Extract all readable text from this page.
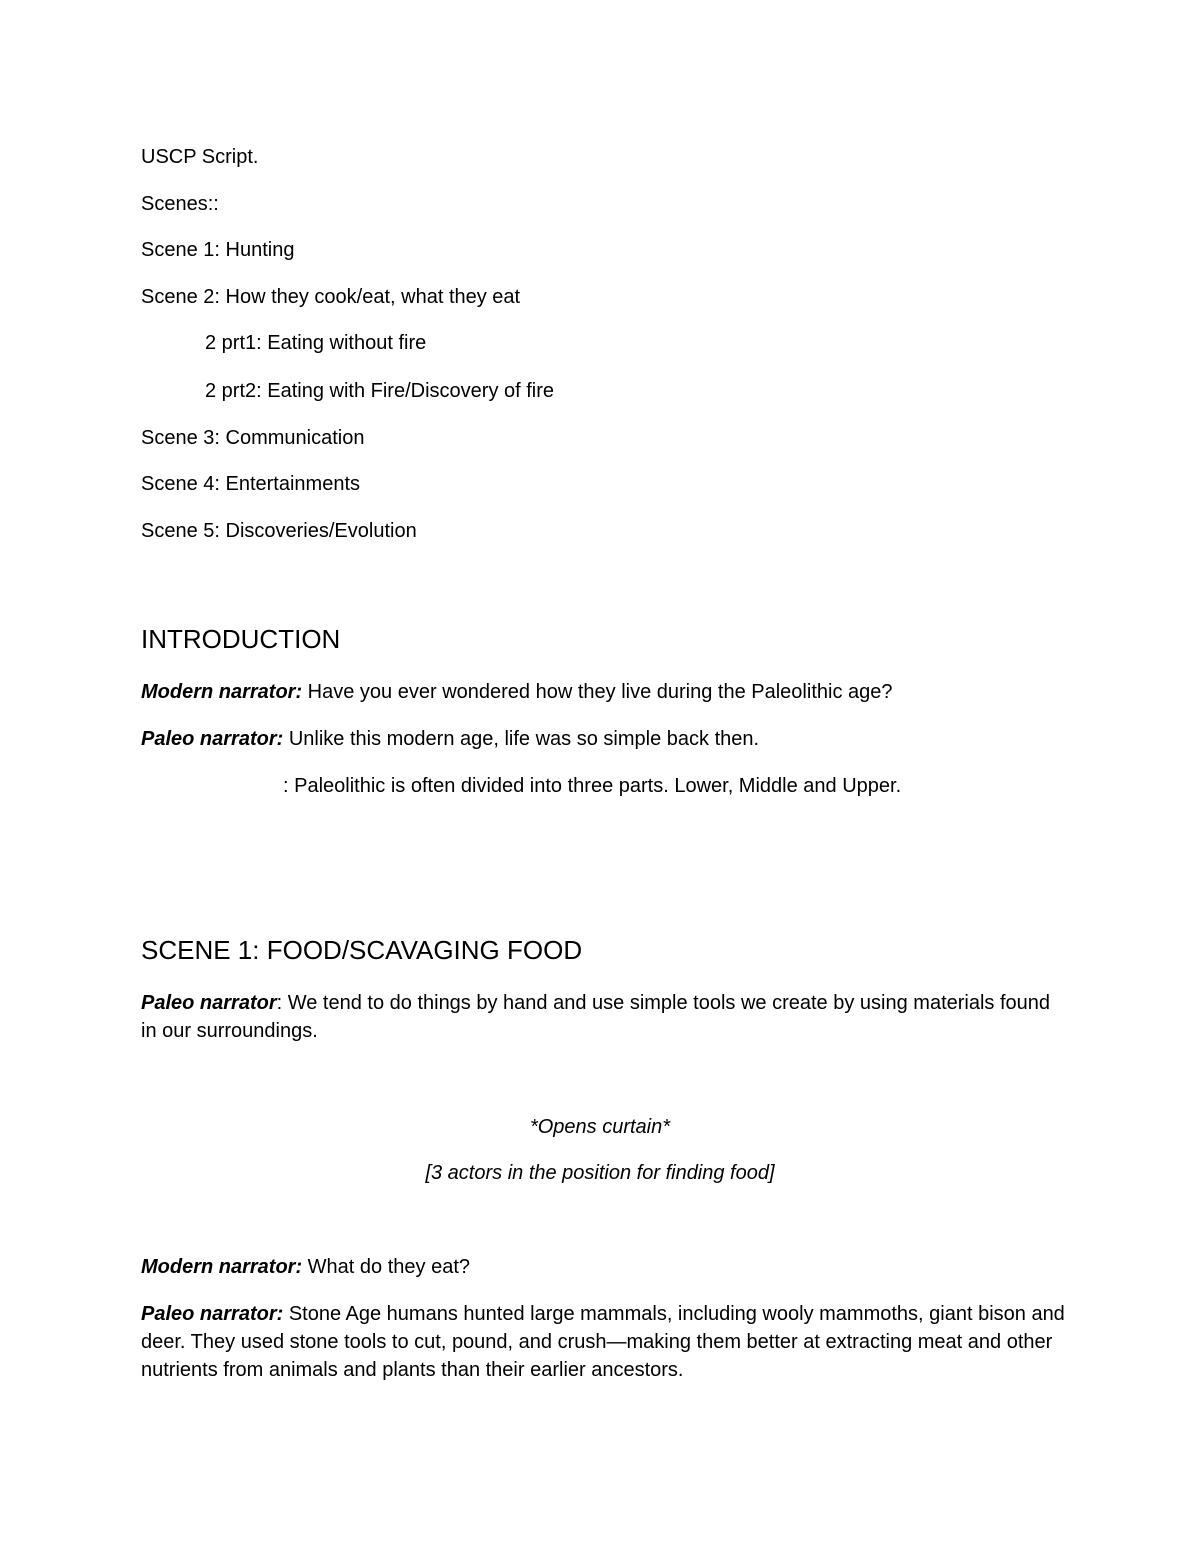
USCP Script.

Scenes::

Scene 1: Hunting

Scene 2: How they cook/eat, what they eat

2 prt1: Eating without fire

2 prt2: Eating with Fire/Discovery of fire

Scene 3: Communication

Scene 4: Entertainments

Scene 5: Discoveries/Evolution

INTRODUCTION

Modern narrator: Have you ever wondered how they live during the Paleolithic age?

Paleo narrator: Unlike this modern age, life was so simple back then.

: Paleolithic is often divided into three parts. Lower, Middle and Upper.

SCENE 1: FOOD/SCAVAGING FOOD

Paleo narrator: We tend to do things by hand and use simple tools we create by using materials found in our surroundings.

*Opens curtain*

[3 actors in the position for finding food]

Modern narrator: What do they eat?

Paleo narrator: Stone Age humans hunted large mammals, including wooly mammoths, giant bison and deer. They used stone tools to cut, pound, and crush—making them better at extracting meat and other nutrients from animals and plants than their earlier ancestors.
